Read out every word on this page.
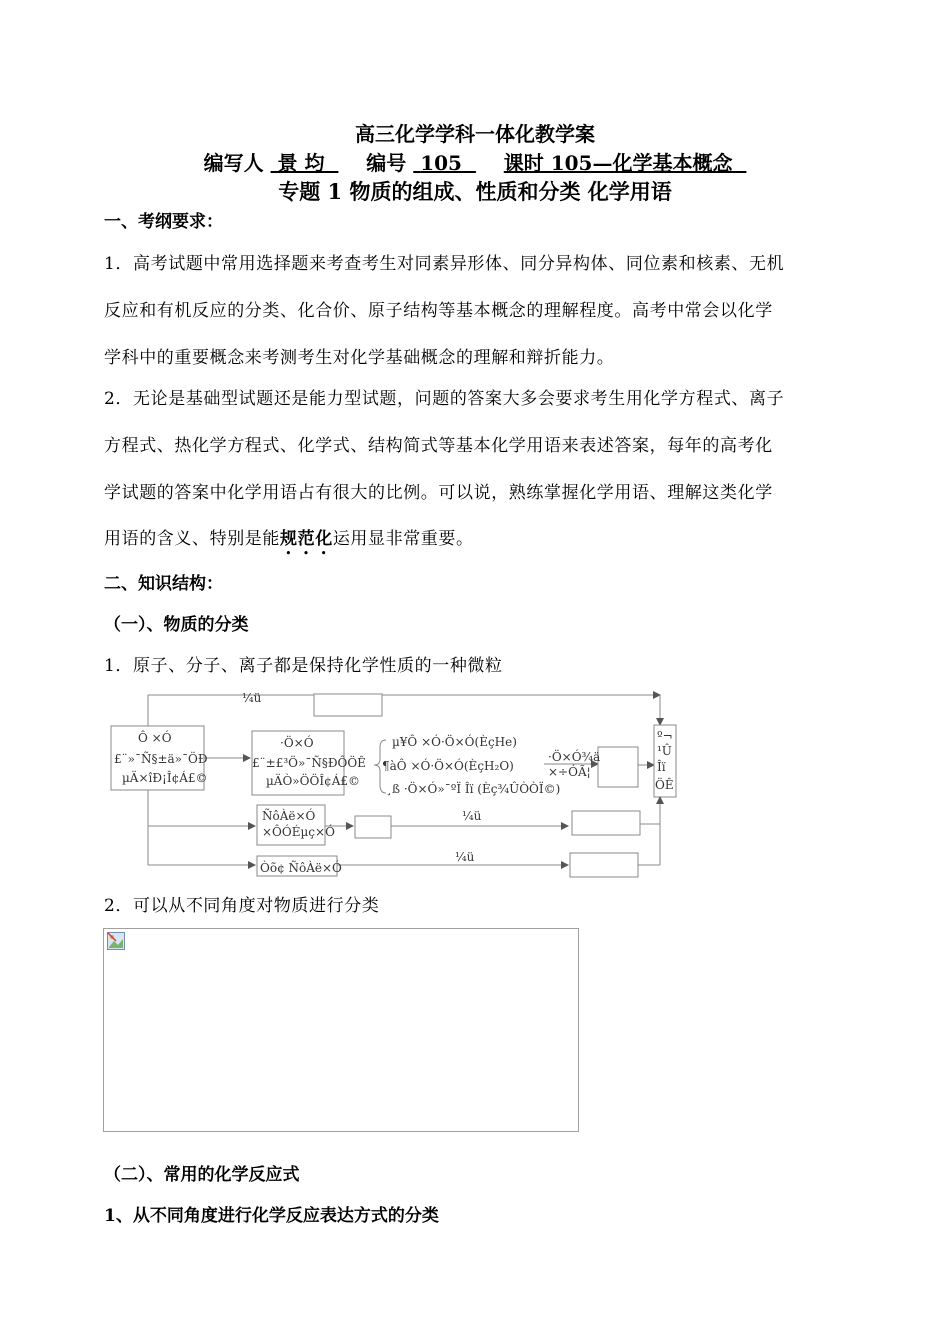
高三化学学科一体化教学案
编写人 景 均 编号 105 课时 105—化学基本概念
专题 1 物质的组成、性质和分类 化学用语
一、考纲要求：
1．高考试题中常用选择题来考查考生对同素异形体、同分异构体、同位素和核素、无机
反应和有机反应的分类、化合价、原子结构等基本概念的理解程度。高考中常会以化学
学科中的重要概念来考测考生对化学基础概念的理解和辩折能力。
2．无论是基础型试题还是能力型试题，问题的答案大多会要求考生用化学方程式、离子
方程式、热化学方程式、化学式、结构简式等基本化学用语来表述答案，每年的高考化
学试题的答案中化学用语占有很大的比例。可以说，熟练掌握化学用语、理解这类化学
用语的含义、特别是能规范化运用显非常重要。
二、知识结构：
（一）、物质的分类
1．原子、分子、离子都是保持化学性质的一种微粒
¼ü
¼ü
¼ü
Ô ×Ó
£¨»¯Ñ§±ä»¯ÖÐ
µÄ×îÐ¡Î¢Á£©
·Ö×Ó
£¨±£³Ö»¯Ñ§ÐÔÖÊ
µÄÒ»ÖÖÎ¢Á£©
µ¥Ô ×Ó·Ö×Ó(ÈçHe)
¶àÔ ×Ó·Ö×Ó(ÈçH₂O)
¸ß ·Ö×Ó»¯ºÏ Îï (Èç¾ÛÒÒÏ©)
·Ö×Ó¾ä
×÷ÓÃ¦
º¬
¹Û
Îï
ÖÊ
ÑôÀë×Ó
×ÔÓÉµç×Ó
Òõ¢ ÑôÀë×Ó
2．可以从不同角度对物质进行分类
（二）、常用的化学反应式
1、从不同角度进行化学反应表达方式的分类
